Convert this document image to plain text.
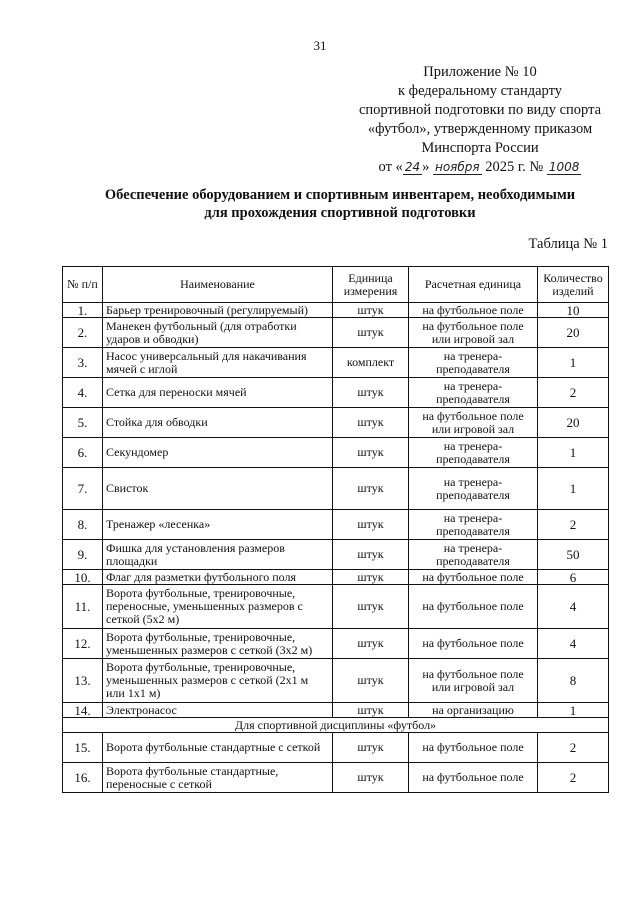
31
Приложение № 10
к федеральному стандарту
спортивной подготовки по виду спорта
«футбол», утвержденному приказом
Минспорта России
от « 24 » ноября 2025 г. № 1008
Обеспечение оборудованием и спортивным инвентарем, необходимыми
для прохождения спортивной подготовки
Таблица № 1
№ п/п	Наименование	Единица измерения	Расчетная единица	Количество изделий
1.	Барьер тренировочный (регулируемый)	штук	на футбольное поле	10
2.	Манекен футбольный (для отработки ударов и обводки)	штук	на футбольное поле или игровой зал	20
3.	Насос универсальный для накачивания мячей с иглой	комплект	на тренера-преподавателя	1
4.	Сетка для переноски мячей	штук	на тренера-преподавателя	2
5.	Стойка для обводки	штук	на футбольное поле или игровой зал	20
6.	Секундомер	штук	на тренера-преподавателя	1
7.	Свисток	штук	на тренера-преподавателя	1
8.	Тренажер «лесенка»	штук	на тренера-преподавателя	2
9.	Фишка для установления размеров площадки	штук	на тренера-преподавателя	50
10.	Флаг для разметки футбольного поля	штук	на футбольное поле	6
11.	Ворота футбольные, тренировочные, переносные, уменьшенных размеров с сеткой (5х2 м)	штук	на футбольное поле	4
12.	Ворота футбольные, тренировочные, уменьшенных размеров с сеткой (3х2 м)	штук	на футбольное поле	4
13.	Ворота футбольные, тренировочные, уменьшенных размеров с сеткой (2х1 м или 1х1 м)	штук	на футбольное поле или игровой зал	8
14.	Электронасос	штук	на организацию	1
Для спортивной дисциплины «футбол»				
15.	Ворота футбольные стандартные с сеткой	штук	на футбольное поле	2
16.	Ворота футбольные стандартные, переносные с сеткой	штук	на футбольное поле	2
